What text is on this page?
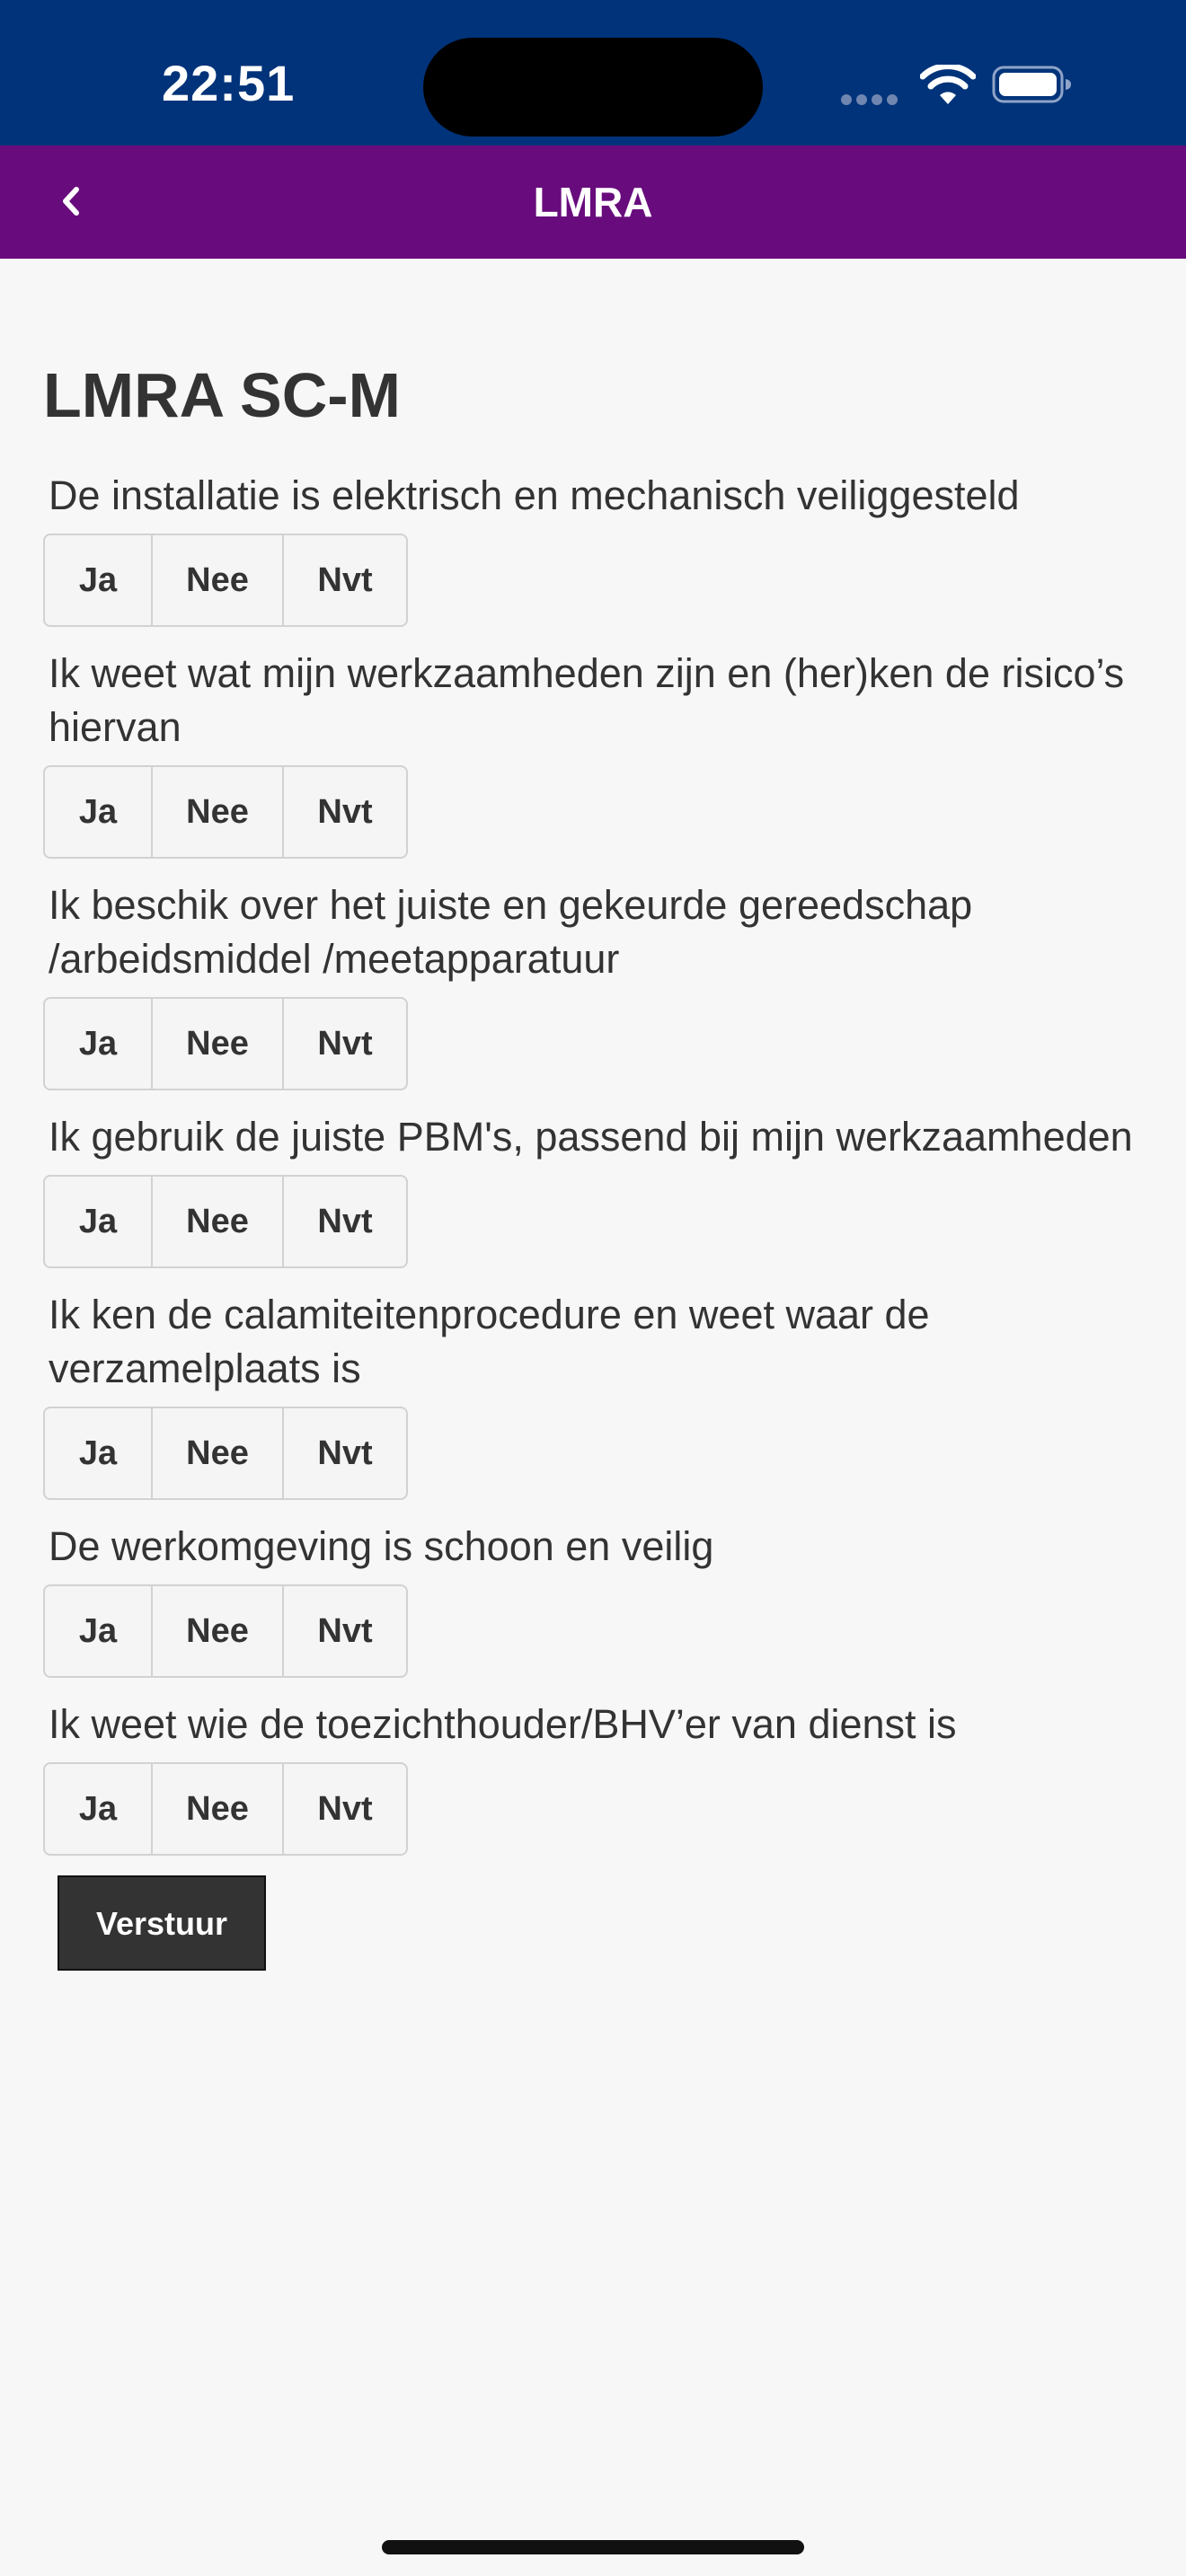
22:51
LMRA
LMRA SC-M
De installatie is elektrisch en mechanisch veiliggesteld
Ja	Nee	Nvt
Ik weet wat mijn werkzaamheden zijn en (her)ken de risico’s hiervan
Ja	Nee	Nvt
Ik beschik over het juiste en gekeurde gereedschap /arbeidsmiddel /meetapparatuur
Ja	Nee	Nvt
Ik gebruik de juiste PBM's, passend bij mijn werkzaamheden
Ja	Nee	Nvt
Ik ken de calamiteitenprocedure en weet waar de verzamelplaats is
Ja	Nee	Nvt
De werkomgeving is schoon en veilig
Ja	Nee	Nvt
Ik weet wie de toezichthouder/BHV’er van dienst is
Ja	Nee	Nvt
Verstuur
